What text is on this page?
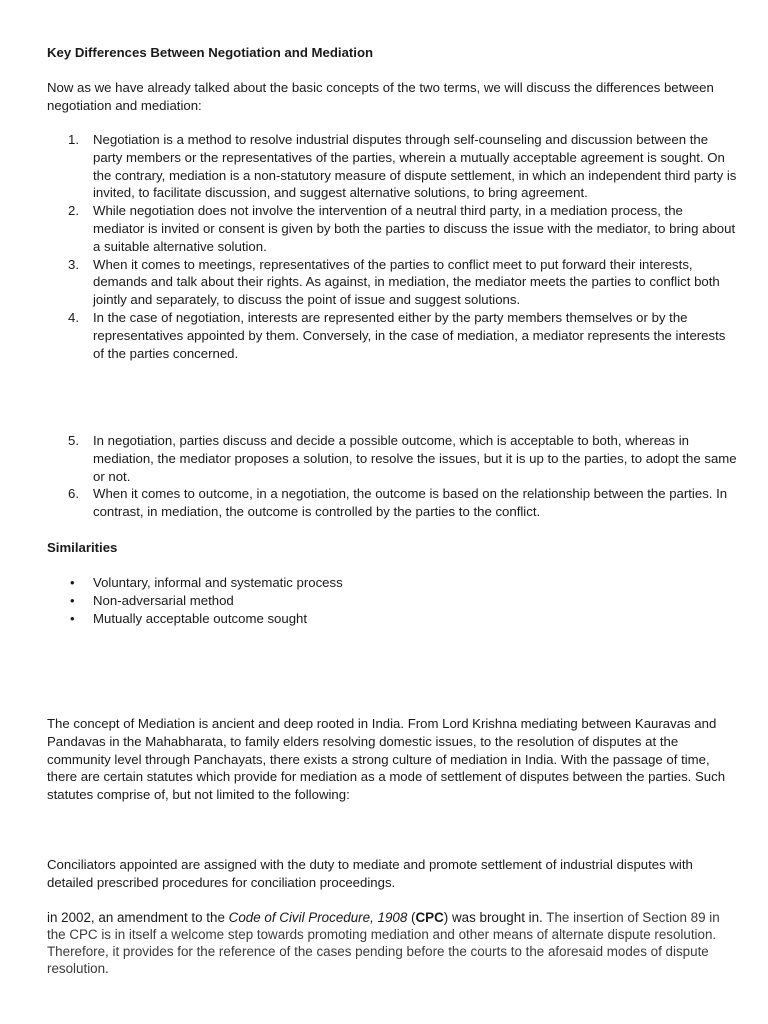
Key Differences Between Negotiation and Mediation

Now as we have already talked about the basic concepts of the two terms, we will discuss the differences between negotiation and mediation:

1. Negotiation is a method to resolve industrial disputes through self-counseling and discussion between the party members or the representatives of the parties, wherein a mutually acceptable agreement is sought. On the contrary, mediation is a non-statutory measure of dispute settlement, in which an independent third party is invited, to facilitate discussion, and suggest alternative solutions, to bring agreement.
2. While negotiation does not involve the intervention of a neutral third party, in a mediation process, the mediator is invited or consent is given by both the parties to discuss the issue with the mediator, to bring about a suitable alternative solution.
3. When it comes to meetings, representatives of the parties to conflict meet to put forward their interests, demands and talk about their rights. As against, in mediation, the mediator meets the parties to conflict both jointly and separately, to discuss the point of issue and suggest solutions.
4. In the case of negotiation, interests are represented either by the party members themselves or by the representatives appointed by them. Conversely, in the case of mediation, a mediator represents the interests of the parties concerned.
5. In negotiation, parties discuss and decide a possible outcome, which is acceptable to both, whereas in mediation, the mediator proposes a solution, to resolve the issues, but it is up to the parties, to adopt the same or not.
6. When it comes to outcome, in a negotiation, the outcome is based on the relationship between the parties. In contrast, in mediation, the outcome is controlled by the parties to the conflict.

Similarities

• Voluntary, informal and systematic process
• Non-adversarial method
• Mutually acceptable outcome sought

The concept of Mediation is ancient and deep rooted in India. From Lord Krishna mediating between Kauravas and Pandavas in the Mahabharata, to family elders resolving domestic issues, to the resolution of disputes at the community level through Panchayats, there exists a strong culture of mediation in India. With the passage of time, there are certain statutes which provide for mediation as a mode of settlement of disputes between the parties. Such statutes comprise of, but not limited to the following:

Conciliators appointed are assigned with the duty to mediate and promote settlement of industrial disputes with detailed prescribed procedures for conciliation proceedings.

in 2002, an amendment to the Code of Civil Procedure, 1908 (CPC) was brought in. The insertion of Section 89 in the CPC is in itself a welcome step towards promoting mediation and other means of alternate dispute resolution. Therefore, it provides for the reference of the cases pending before the courts to the aforesaid modes of dispute resolution.
